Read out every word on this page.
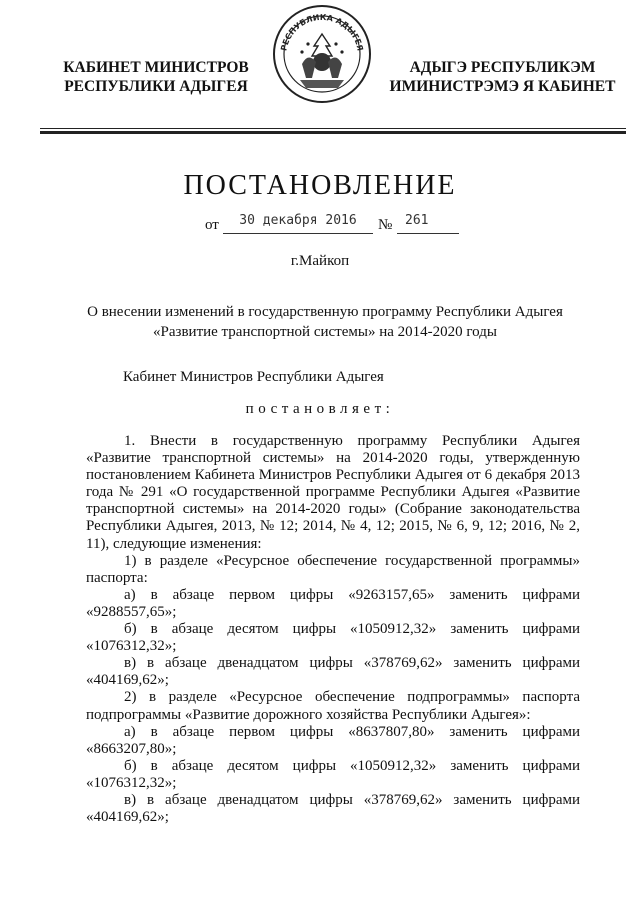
КАБИНЕТ МИНИСТРОВ
РЕСПУБЛИКИ АДЫГЕЯ
РЕСПУБЛИКА АДЫГЕЯ
АДЫГЭ РЕСПУБЛИКЭМ
ИМИНИСТРЭМЭ Я КАБИНЕТ
ПОСТАНОВЛЕНИЕ
от	30 декабря 2016	№ 261
г.Майкоп
О внесении изменений в государственную программу Республики Адыгея
«Развитие транспортной системы» на 2014-2020 годы
Кабинет Министров Республики Адыгея
постановляет:

1. Внести в государственную программу Республики Адыгея «Развитие транспортной системы» на 2014-2020 годы, утвержденную постановлением Кабинета Министров Республики Адыгея от 6 декабря 2013 года № 291 «О государственной программе Республики Адыгея «Развитие транспортной системы» на 2014-2020 годы» (Собрание законодательства Республики Адыгея, 2013, № 12; 2014, № 4, 12; 2015, № 6, 9, 12; 2016, № 2, 11), следующие изменения:

1) в разделе «Ресурсное обеспечение государственной программы» паспорта:

а) в абзаце первом цифры «9263157,65» заменить цифрами «9288557,65»;

б) в абзаце десятом цифры «1050912,32» заменить цифрами «1076312,32»;

в) в абзаце двенадцатом цифры «378769,62» заменить цифрами «404169,62»;

2) в разделе «Ресурсное обеспечение подпрограммы» паспорта подпрограммы «Развитие дорожного хозяйства Республики Адыгея»:

а) в абзаце первом цифры «8637807,80» заменить цифрами «8663207,80»;

б) в абзаце десятом цифры «1050912,32» заменить цифрами «1076312,32»;

в) в абзаце двенадцатом цифры «378769,62» заменить цифрами «404169,62»;
